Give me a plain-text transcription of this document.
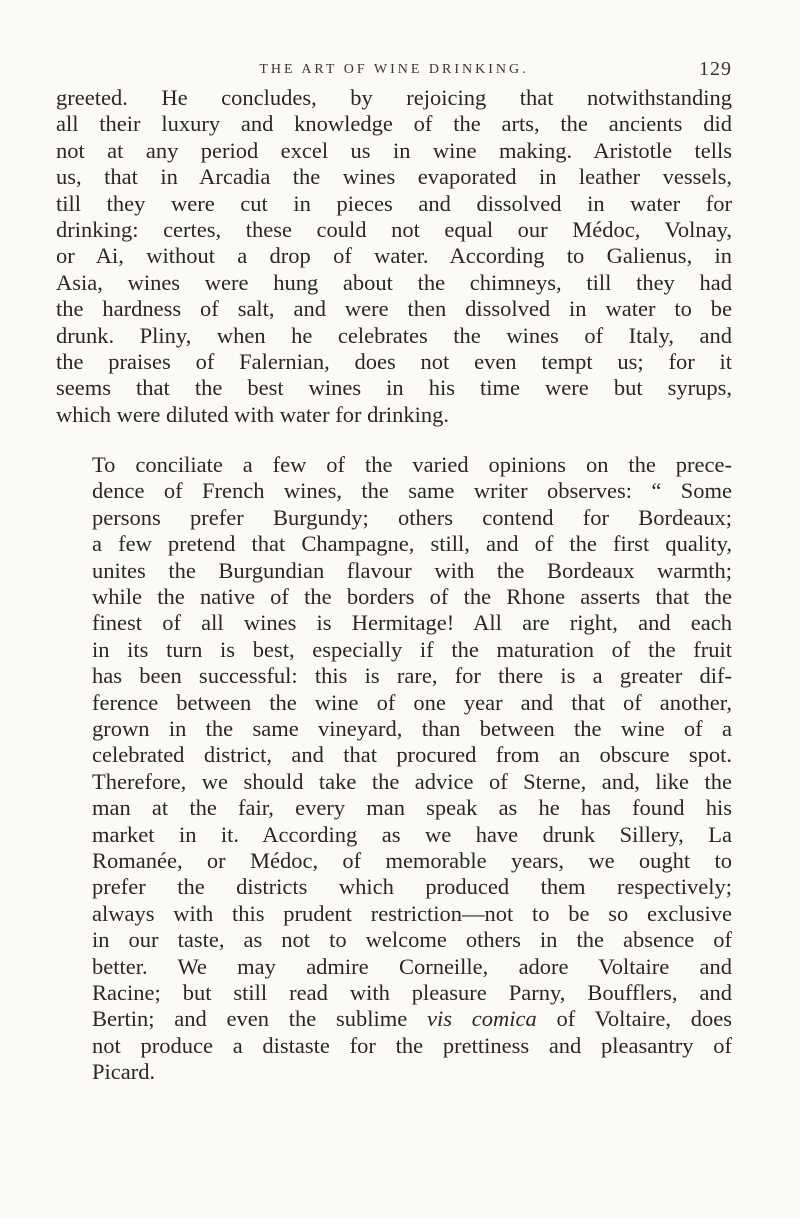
THE ART OF WINE DRINKING.	129
greeted. He concludes, by rejoicing that notwithstanding
all their luxury and knowledge of the arts, the ancients did
not at any period excel us in wine making. Aristotle tells
us, that in Arcadia the wines evaporated in leather vessels,
till they were cut in pieces and dissolved in water for
drinking: certes, these could not equal our Médoc, Volnay,
or Ai, without a drop of water. According to Galienus, in
Asia, wines were hung about the chimneys, till they had
the hardness of salt, and were then dissolved in water to be
drunk. Pliny, when he celebrates the wines of Italy, and
the praises of Falernian, does not even tempt us; for it
seems that the best wines in his time were but syrups,
which were diluted with water for drinking.
To conciliate a few of the varied opinions on the prece-
dence of French wines, the same writer observes: “ Some
persons prefer Burgundy; others contend for Bordeaux;
a few pretend that Champagne, still, and of the first quality,
unites the Burgundian flavour with the Bordeaux warmth;
while the native of the borders of the Rhone asserts that the
finest of all wines is Hermitage! All are right, and each
in its turn is best, especially if the maturation of the fruit
has been successful: this is rare, for there is a greater dif-
ference between the wine of one year and that of another,
grown in the same vineyard, than between the wine of a
celebrated district, and that procured from an obscure spot.
Therefore, we should take the advice of Sterne, and, like the
man at the fair, every man speak as he has found his
market in it. According as we have drunk Sillery, La
Romanée, or Médoc, of memorable years, we ought to
prefer the districts which produced them respectively;
always with this prudent restriction—not to be so exclusive
in our taste, as not to welcome others in the absence of
better. We may admire Corneille, adore Voltaire and
Racine; but still read with pleasure Parny, Boufflers, and
Bertin; and even the sublime vis comica of Voltaire, does
not produce a distaste for the prettiness and pleasantry of
Picard.
